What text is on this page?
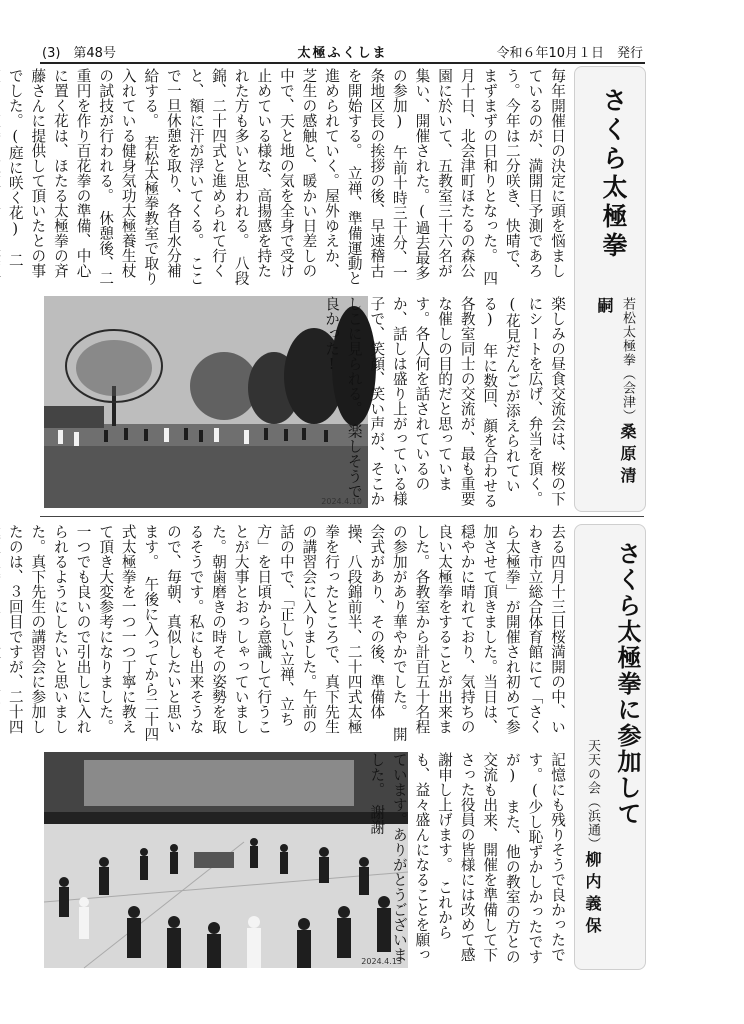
(3)　第48号	太極ふくしま	令和６年10月１日　発行
さくら太極拳
若松太極拳（会津）桑原清嗣
毎年開催日の決定に頭を悩ましているのが、満開日予測であろう。今年は二分咲き、快晴で、まずまずの日和りとなった。　四月十日、北会津町ほたるの森公園に於いて、五教室三十六名が集い、開催された。(過去最多の参加)　午前十時三十分、一条地区長の挨拶の後、早速稽古を開始する。　立禅、準備運動と進められていく。屋外ゆえか、芝生の感触と、暖かい日差しの中で、天と地の気を全身で受け止めている様な、高揚感を持たれた方も多いと思われる。　八段錦、二十四式と進められて行くと、額に汗が浮いてくる。　ここで一旦休憩を取り、各自水分補給する。　若松太極拳教室で取り入れている健身気功太極養生杖の試技が行われる。　休憩後、二重円を作り百花拳の準備、中心に置く花は、ほたる太極拳の斉藤さんに提供して頂いたとの事でした。(庭に咲く花)　二
2024.4.10	楽しみの昼食交流会は、桜の下にシートを広げ、弁当を頂く。(花見だんごが添えられている)　年に数回、顔を合わせる各教室同士の交流が、最も重要な催しの目的だと思っています。各人何を話されているのか、話しは盛り上がっている様子で、笑顔、笑い声が、そこかしこに見られる。　楽しそうで良かった!
さくら太極拳に参加して
天天の会（浜通）柳内義保
去る四月十三日桜満開の中、いわき市立総合体育館にて「さくら太極拳」が開催され初めて参加させて頂きました。当日は、穏やかに晴れており、気持ちの良い太極拳をすることが出来ました。各教室から計百五十名程の参加があり華やかでした。　開会式があり、その後、準備体操、八段錦前半、二十四式太極拳を行ったところで、真下先生の講習会に入りました。午前の話の中で、「正しい立禅、立ち方」を日頃から意識して行うことが大事とおっしゃっていました。朝歯磨きの時その姿勢を取るそうです。私にも出来そうなので、毎朝、真似したいと思います。　午後に入ってから二十四式太極拳を一つ一つ丁寧に教えて頂き大変参考になりました。一つでも良いので引出しに入れられるようにしたいと思いました。真下先生の講習会に参加したのは、３回目ですが、二十四
2024.4.13	記憶にも残りそうで良かったです。(少し恥ずかしかったですが)　また、他の教室の方との交流も出来、開催を準備して下さった役員の皆様には改めて感謝申し上げます。　これからも、益々盛んになることを願っています。ありがとうございました。　謝謝
